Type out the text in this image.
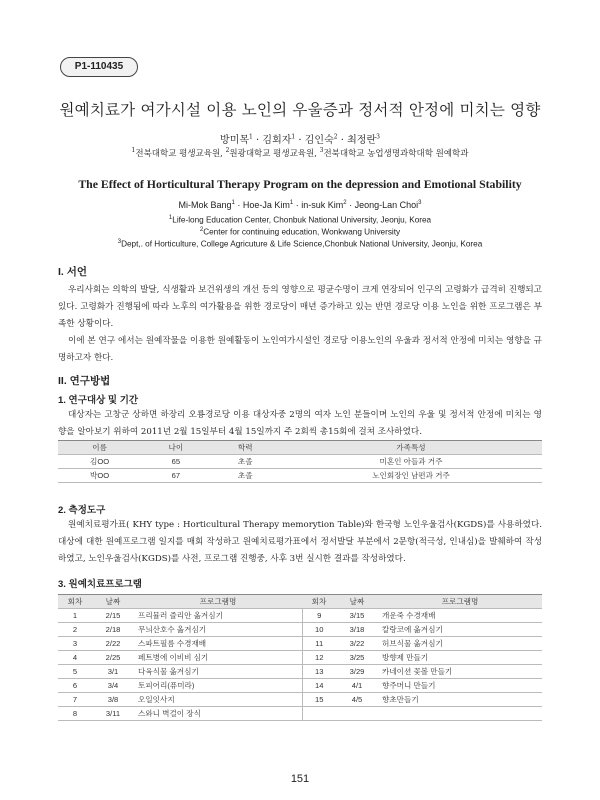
P1-110435
원예치료가 여가시설 이용 노인의 우울증과 정서적 안정에 미치는 영향
방미목$^1$ · 김회자$^1$ · 김인숙$^2$ · 최정란$^3$
$^1$전북대학교 평생교육원, $^2$원광대학교 평생교육원, $^3$전북대학교 농업생명과학대학 원예학과
The Effect of Horticultural Therapy Program on the depression and Emotional Stability
Mi-Mok Bang$^1$ · Hoe-Ja Kim$^1$ · in-suk Kim$^2$ · Jeong-Lan Choi$^3$
$^1$Life-long Education Center, Chonbuk National University, Jeonju, Korea
$^2$Center for continuing education, Wonkwang University
$^3$Dept,. of Horticulture, College Agricuture & Life Science,Chonbuk National University, Jeonju, Korea
I. 서언

우리사회는 의학의 발달, 식생활과 보건위생의 개선 등의 영향으로 평균수명이 크게 연장되어 인구의 고령화가 급격히 진행되고 있다. 고령화가 진행됨에 따라 노후의 여가활용을 위한 경로당이 매년 증가하고 있는 반면 경로당 이용 노인을 위한 프로그램은 부족한 상황이다.

이에 본 연구 에서는 원예작물을 이용한 원예활동이 노인여가시설인 경로당 이용노인의 우울과 정서적 안정에 미치는 영향을 규명하고자 한다.

II. 연구방법
1. 연구대상 및 기간

대상자는 고창군 상하면 하장리 오룡경로당 이용 대상자중 2명의 여자 노인 분들이며 노인의 우울 및 정서적 안정에 미치는 영향을 알아보기 위하여 2011년 2월 15일부터 4월 15일까지 주 2회씩 총15회에 걸쳐 조사하였다.

이름	나이	학력	가족특성
김OO	65	초졸	미혼인 아들과 거주
박OO	67	초졸	노인회장인 남편과 거주
2. 측정도구

원예치료평가표( KHY type : Horticultural Therapy memorytion Table)와 한국형 노인우울검사(KGDS)를 사용하였다. 대상에 대한 원예프로그램 일지를 매회 작성하고 원예치료평가표에서 정서발달 부분에서 2문항(적극성, 인내심)을 발췌하여 작성하였고, 노인우울검사(KGDS)를 사전, 프로그램 진행중, 사후 3번 실시한 결과를 작성하였다.

3. 원예치료프로그램
회차	날짜	프로그램명	회차	날짜	프로그램명
1	2/15	프리뮬러 즐리안 옮겨심기	9	3/15	개운죽 수경재배
2	2/18	무늬산호수 옮겨심기	10	3/18	칼랑코에 옮겨심기
3	2/22	스파트필름 수경재배	11	3/22	허브식물 옮겨심기
4	2/25	페트병에 이비비 심기	12	3/25	방향제 만들기
5	3/1	다육식물 옮겨심기	13	3/29	카네이션 꽃볼 만들기
6	3/4	토피어리(퓨미라)	14	4/1	향주머니 만들기
7	3/8	오일잇사지	15	4/5	향초만들기
8	3/11	스와니 벽걸이 장식			
151
